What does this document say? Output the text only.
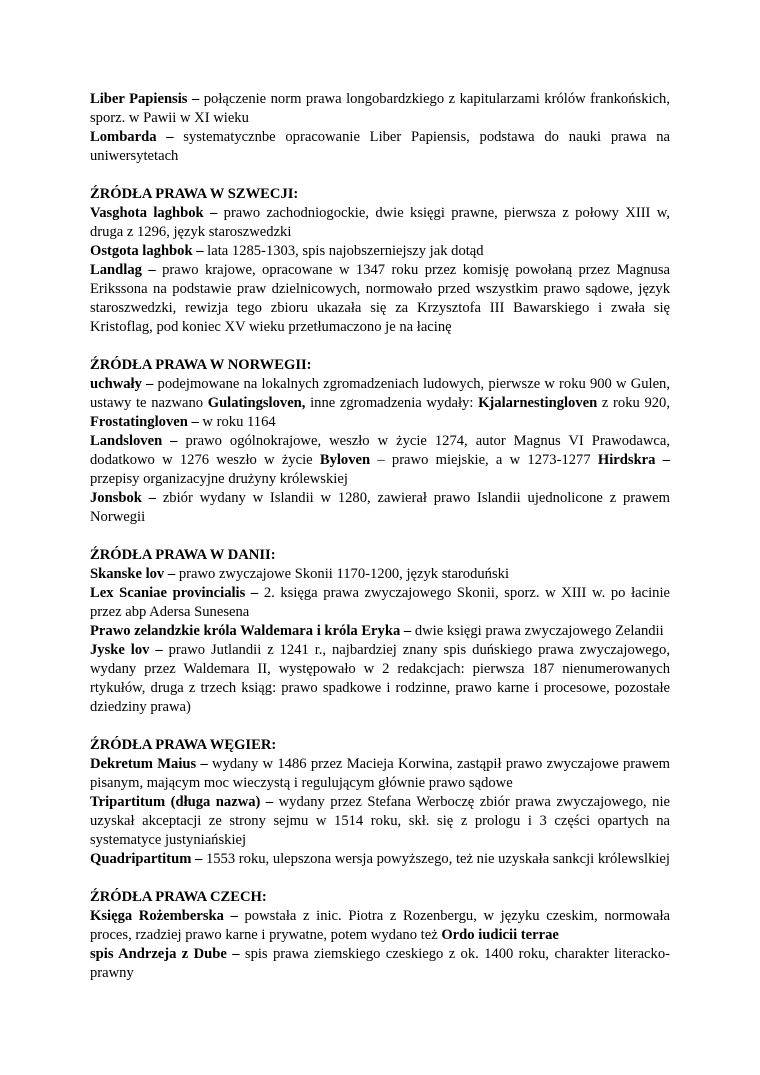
Liber Papiensis – połączenie norm prawa longobardzkiego z kapitularzami królów frankońskich, sporz. w Pawii w XI wieku

Lombarda – systematycznbe opracowanie Liber Papiensis, podstawa do nauki prawa na uniwersytetach

ŹRÓDŁA PRAWA W SZWECJI:

Vasghota laghbok – prawo zachodniogockie, dwie księgi prawne, pierwsza z połowy XIII w, druga z 1296, język staroszwedzki

Ostgota laghbok – lata 1285-1303, spis najobszerniejszy jak dotąd

Landlag – prawo krajowe, opracowane w 1347 roku przez komisję powołaną przez Magnusa Erikssona na podstawie praw dzielnicowych, normowało przed wszystkim prawo sądowe, język staroszwedzki, rewizja tego zbioru ukazała się za Krzysztofa III Bawarskiego i zwała się Kristoflag, pod koniec XV wieku przetłumaczono je na łacinę

ŹRÓDŁA PRAWA W NORWEGII:

uchwały – podejmowane na lokalnych zgromadzeniach ludowych, pierwsze w roku 900 w Gulen, ustawy te nazwano Gulatingsloven, inne zgromadzenia wydały: Kjalarnestingloven z roku 920, Frostatingloven – w roku 1164

Landsloven – prawo ogólnokrajowe, weszło w życie 1274, autor Magnus VI Prawodawca, dodatkowo w 1276 weszło w życie Byloven – prawo miejskie, a w 1273-1277 Hirdskra – przepisy organizacyjne drużyny królewskiej

Jonsbok – zbiór wydany w Islandii w 1280, zawierał prawo Islandii ujednolicone z prawem Norwegii

ŹRÓDŁA PRAWA W DANII:

Skanske lov – prawo zwyczajowe Skonii 1170-1200, język staroduński

Lex Scaniae provincialis – 2. księga prawa zwyczajowego Skonii, sporz. w XIII w. po łacinie przez abp Adersa Sunesena

Prawo zelandzkie króla Waldemara i króla Eryka – dwie księgi prawa zwyczajowego Zelandii

Jyske lov – prawo Jutlandii z 1241 r., najbardziej znany spis duńskiego prawa zwyczajowego, wydany przez Waldemara II, występowało w 2 redakcjach: pierwsza 187 nienumerowanych rtykułów, druga z trzech ksiąg: prawo spadkowe i rodzinne, prawo karne i procesowe, pozostałe dziedziny prawa)

ŹRÓDŁA PRAWA WĘGIER:

Dekretum Maius – wydany w 1486 przez Macieja Korwina, zastąpił prawo zwyczajowe prawem pisanym, mającym moc wieczystą i regulującym głównie prawo sądowe

Tripartitum (długa nazwa) – wydany przez Stefana Werboczę zbiór prawa zwyczajowego, nie uzyskał akceptacji ze strony sejmu w 1514 roku, skł. się z prologu i 3 części opartych na systematyce justyniańskiej

Quadripartitum – 1553 roku, ulepszona wersja powyższego, też nie uzyskała sankcji królewslkiej

ŹRÓDŁA PRAWA CZECH:

Księga Rożemberska – powstała z inic. Piotra z Rozenbergu, w języku czeskim, normowała proces, rzadziej prawo karne i prywatne, potem wydano też Ordo iudicii terrae

spis Andrzeja z Dube – spis prawa ziemskiego czeskiego z ok. 1400 roku, charakter literacko-prawny
